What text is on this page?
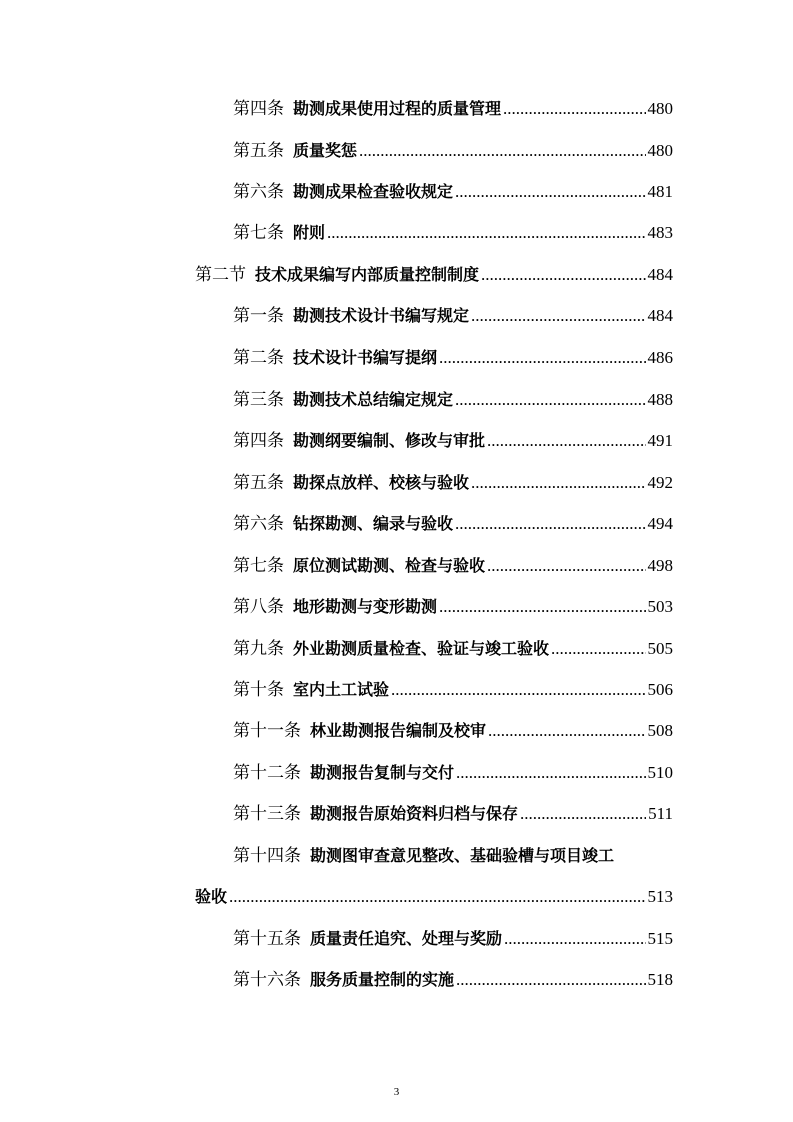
第四条 勘测成果使用过程的质量管理 .....	480
第五条 质量奖惩 .....	480
第六条 勘测成果检查验收规定 .....	481
第七条 附则 .....	483
第二节 技术成果编写内部质量控制制度 .....	484
第一条 勘测技术设计书编写规定 .....	484
第二条 技术设计书编写提纲 .....	486
第三条 勘测技术总结编定规定 .....	488
第四条 勘测纲要编制、修改与审批 .....	491
第五条 勘探点放样、校核与验收 .....	492
第六条 钻探勘测、编录与验收 .....	494
第七条 原位测试勘测、检查与验收 .....	498
第八条 地形勘测与变形勘测 .....	503
第九条 外业勘测质量检查、验证与竣工验收 .....	505
第十条 室内土工试验 .....	506
第十一条 林业勘测报告编制及校审 .....	508
第十二条 勘测报告复制与交付 .....	510
第十三条 勘测报告原始资料归档与保存 .....	511
第十四条 勘测图审查意见整改、基础验槽与项目竣工
验收 .....	513
第十五条 质量责任追究、处理与奖励 .....	515
第十六条 服务质量控制的实施 .....	518
3
